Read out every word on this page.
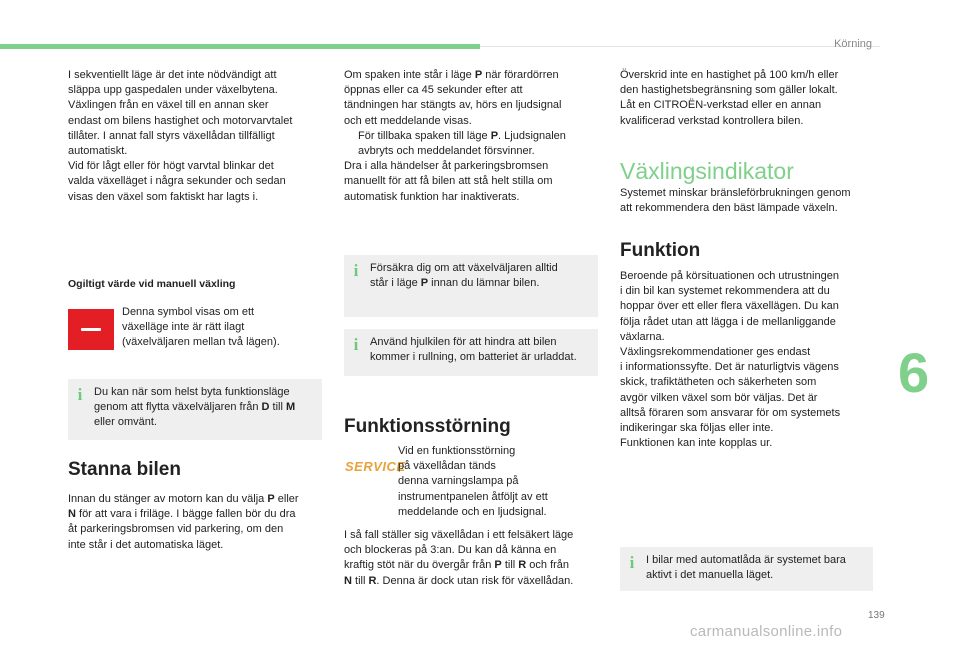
Körning
I sekventiellt läge är det inte nödvändigt att
släppa upp gaspedalen under växelbytena.
Växlingen från en växel till en annan sker
endast om bilens hastighet och motorvarvtalet
tillåter. I annat fall styrs växellådan tillfälligt
automatiskt.
Vid för lågt eller för högt varvtal blinkar det
valda växelläget i några sekunder och sedan
visas den växel som faktiskt har lagts i.
Ogiltigt värde vid manuell växling
Denna symbol visas om ett
växelläge inte är rätt ilagt
(växelväljaren mellan två lägen).
i Du kan när som helst byta funktionsläge
genom att flytta växelväljaren från D till M
eller omvänt.
Stanna bilen
Innan du stänger av motorn kan du välja P eller
N för att vara i friläge. I bägge fallen bör du dra
åt parkeringsbromsen vid parkering, om den
inte står i det automatiska läget.
Om spaken inte står i läge P när förardörren
öppnas eller ca 45 sekunder efter att
tändningen har stängts av, hörs en ljudsignal
och ett meddelande visas.
För tillbaka spaken till läge P. Ljudsignalen
avbryts och meddelandet försvinner.
Dra i alla händelser åt parkeringsbromsen
manuellt för att få bilen att stå helt stilla om
automatisk funktion har inaktiverats.
i Försäkra dig om att växelväljaren alltid
står i läge P innan du lämnar bilen.
i Använd hjulkilen för att hindra att bilen
kommer i rullning, om batteriet är urladdat.
Funktionsstörning
SERVICE
Vid en funktionsstörning
på växellådan tänds
denna varningslampa på
instrumentpanelen åtföljt av ett
meddelande och en ljudsignal.
I så fall ställer sig växellådan i ett felsäkert läge
och blockeras på 3:an. Du kan då känna en
kraftig stöt när du övergår från P till R och från
N till R. Denna är dock utan risk för växellådan.
Överskrid inte en hastighet på 100 km/h eller
den hastighetsbegränsning som gäller lokalt.
Låt en CITROËN-verkstad eller en annan
kvalificerad verkstad kontrollera bilen.
Växlingsindikator
Systemet minskar bränsleförbrukningen genom
att rekommendera den bäst lämpade växeln.
Funktion
Beroende på körsituationen och utrustningen
i din bil kan systemet rekommendera att du
hoppar över ett eller flera växellägen. Du kan
följa rådet utan att lägga i de mellanliggande
växlarna.
Växlingsrekommendationer ges endast
i informationssyfte. Det är naturligtvis vägens
skick, trafiktätheten och säkerheten som
avgör vilken växel som bör väljas. Det är
alltså föraren som ansvarar för om systemets
indikeringar ska följas eller inte.
Funktionen kan inte kopplas ur.
i I bilar med automatlåda är systemet bara
aktivt i det manuella läget.
6
139
carmanualsonline.info
